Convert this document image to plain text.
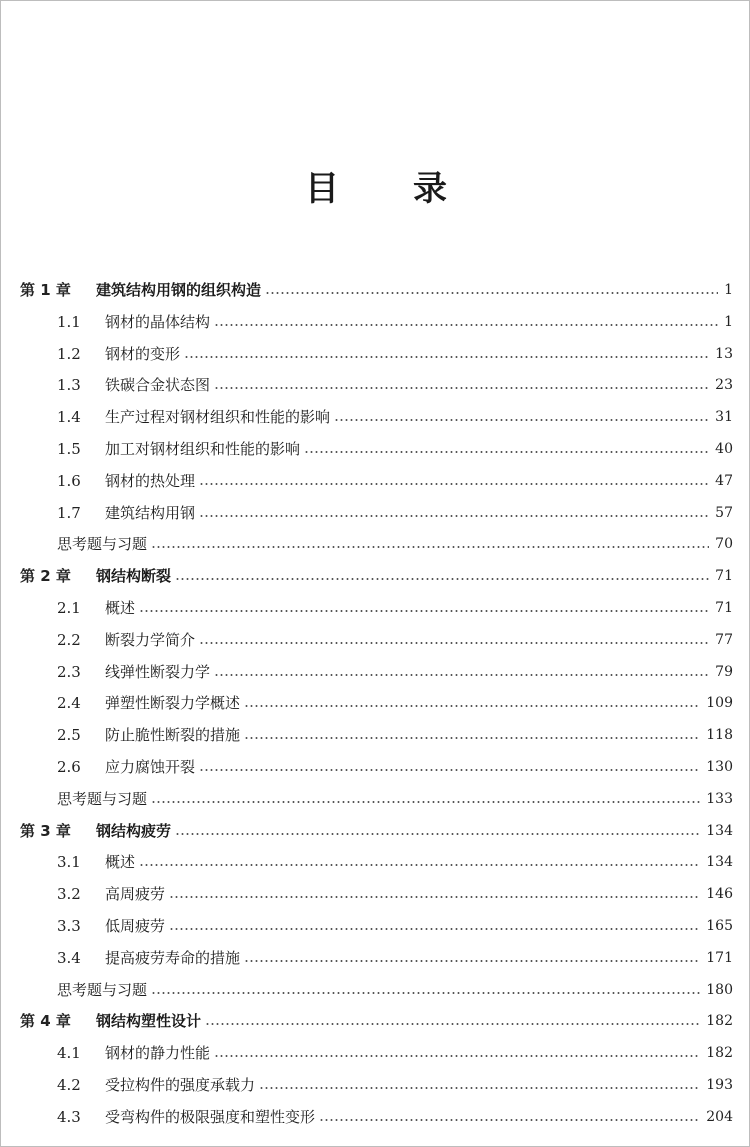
目 录
第 1 章	建筑结构用钢的组织构造	1
1.1	钢材的晶体结构	1
1.2	钢材的变形	13
1.3	铁碳合金状态图	23
1.4	生产过程对钢材组织和性能的影响	31
1.5	加工对钢材组织和性能的影响	40
1.6	钢材的热处理	47
1.7	建筑结构用钢	57
思考题与习题	70
第 2 章	钢结构断裂	71
2.1	概述	71
2.2	断裂力学简介	77
2.3	线弹性断裂力学	79
2.4	弹塑性断裂力学概述	109
2.5	防止脆性断裂的措施	118
2.6	应力腐蚀开裂	130
思考题与习题	133
第 3 章	钢结构疲劳	134
3.1	概述	134
3.2	高周疲劳	146
3.3	低周疲劳	165
3.4	提高疲劳寿命的措施	171
思考题与习题	180
第 4 章	钢结构塑性设计	182
4.1	钢材的静力性能	182
4.2	受拉构件的强度承载力	193
4.3	受弯构件的极限强度和塑性变形	204
